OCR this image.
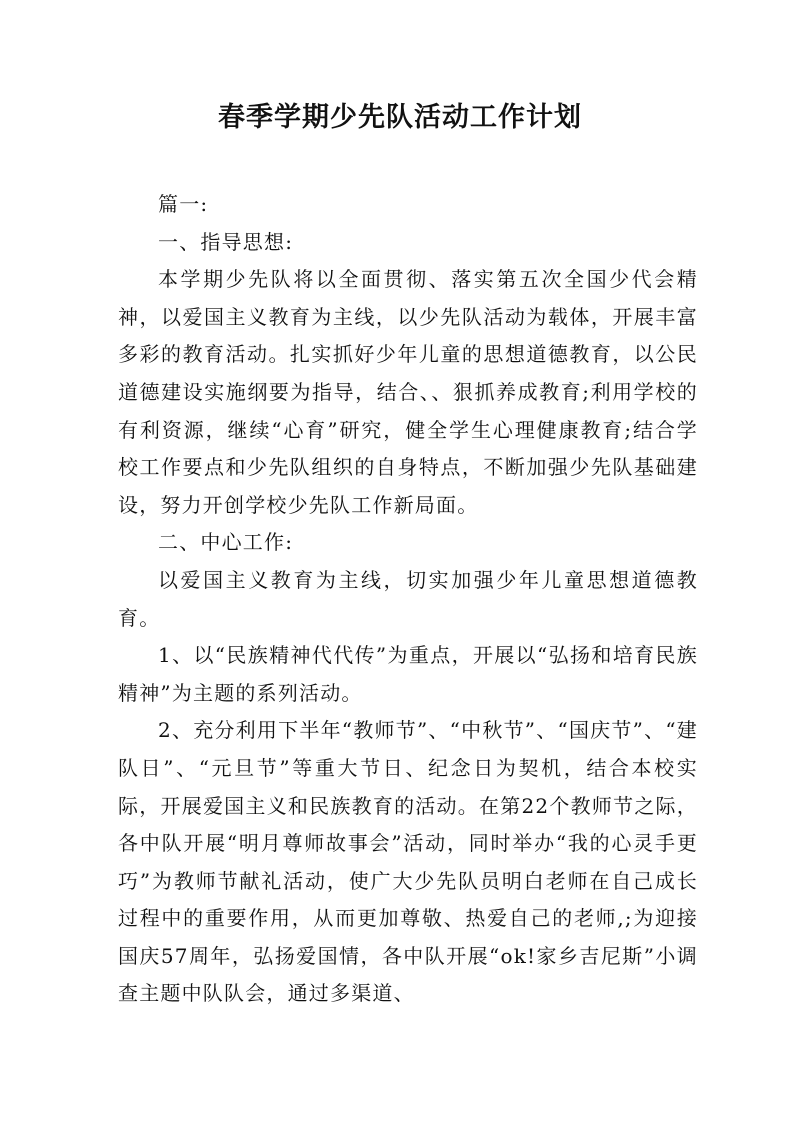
春季学期少先队活动工作计划

篇一:

一、指导思想:

本学期少先队将以全面贯彻、落实第五次全国少代会精神，以爱国主义教育为主线，以少先队活动为载体，开展丰富多彩的教育活动。扎实抓好少年儿童的思想道德教育，以公民道德建设实施纲要为指导，结合、、狠抓养成教育;利用学校的有利资源，继续“心育”研究，健全学生心理健康教育;结合学校工作要点和少先队组织的自身特点，不断加强少先队基础建设，努力开创学校少先队工作新局面。

二、中心工作:

以爱国主义教育为主线，切实加强少年儿童思想道德教育。

1、以“民族精神代代传”为重点，开展以“弘扬和培育民族精神”为主题的系列活动。

2、充分利用下半年“教师节”、“中秋节”、“国庆节”、“建队日”、“元旦节”等重大节日、纪念日为契机，结合本校实际，开展爱国主义和民族教育的活动。在第22个教师节之际，各中队开展“明月尊师故事会”活动，同时举办“我的心灵手更巧”为教师节献礼活动，使广大少先队员明白老师在自己成长过程中的重要作用，从而更加尊敬、热爱自己的老师,;为迎接国庆57周年，弘扬爱国情，各中队开展“ok!家乡吉尼斯”小调查主题中队队会，通过多渠道、
